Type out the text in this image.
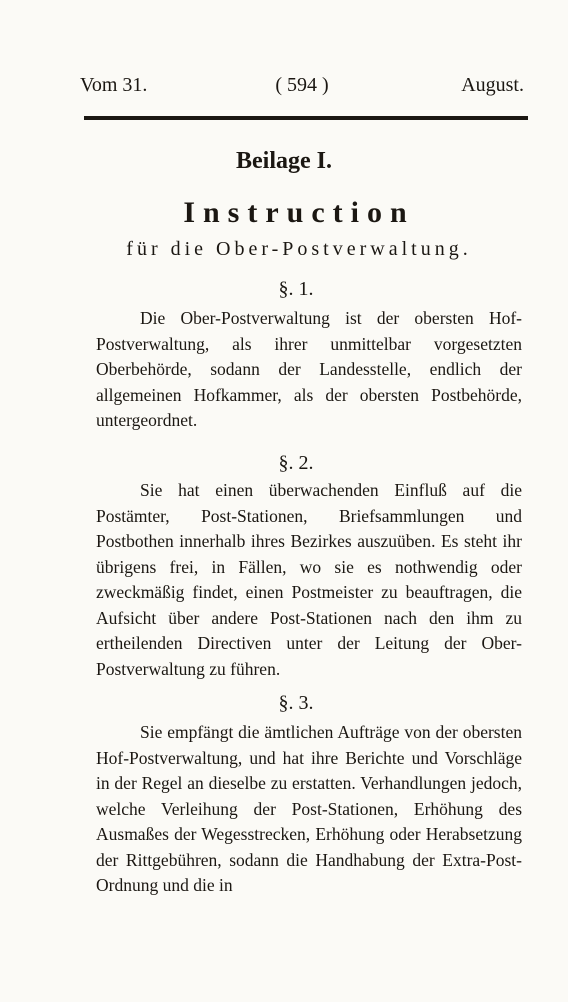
Vom 31.	( 594 )	August.
Beilage I.
Instruction
für die Ober-Postverwaltung.
§. 1.

Die Ober-Postverwaltung ist der obersten Hof-Postverwaltung, als ihrer unmittelbar vorgesetzten Oberbehörde, sodann der Landesstelle, endlich der allgemeinen Hofkammer, als der obersten Postbehörde, untergeordnet.

§. 2.

Sie hat einen überwachenden Einfluß auf die Postämter, Post-Stationen, Briefsammlungen und Postbothen innerhalb ihres Bezirkes auszuüben. Es steht ihr übrigens frei, in Fällen, wo sie es nothwendig oder zweckmäßig findet, einen Postmeister zu beauftragen, die Aufsicht über andere Post-Stationen nach den ihm zu ertheilenden Directiven unter der Leitung der Ober-Postverwaltung zu führen.

§. 3.

Sie empfängt die ämtlichen Aufträge von der obersten Hof-Postverwaltung, und hat ihre Berichte und Vorschläge in der Regel an dieselbe zu erstatten. Verhandlungen jedoch, welche Verleihung der Post-Stationen, Erhöhung des Ausmaßes der Wegesstrecken, Erhöhung oder Herabsetzung der Rittgebühren, sodann die Handhabung der Extra-Post-Ordnung und die in
